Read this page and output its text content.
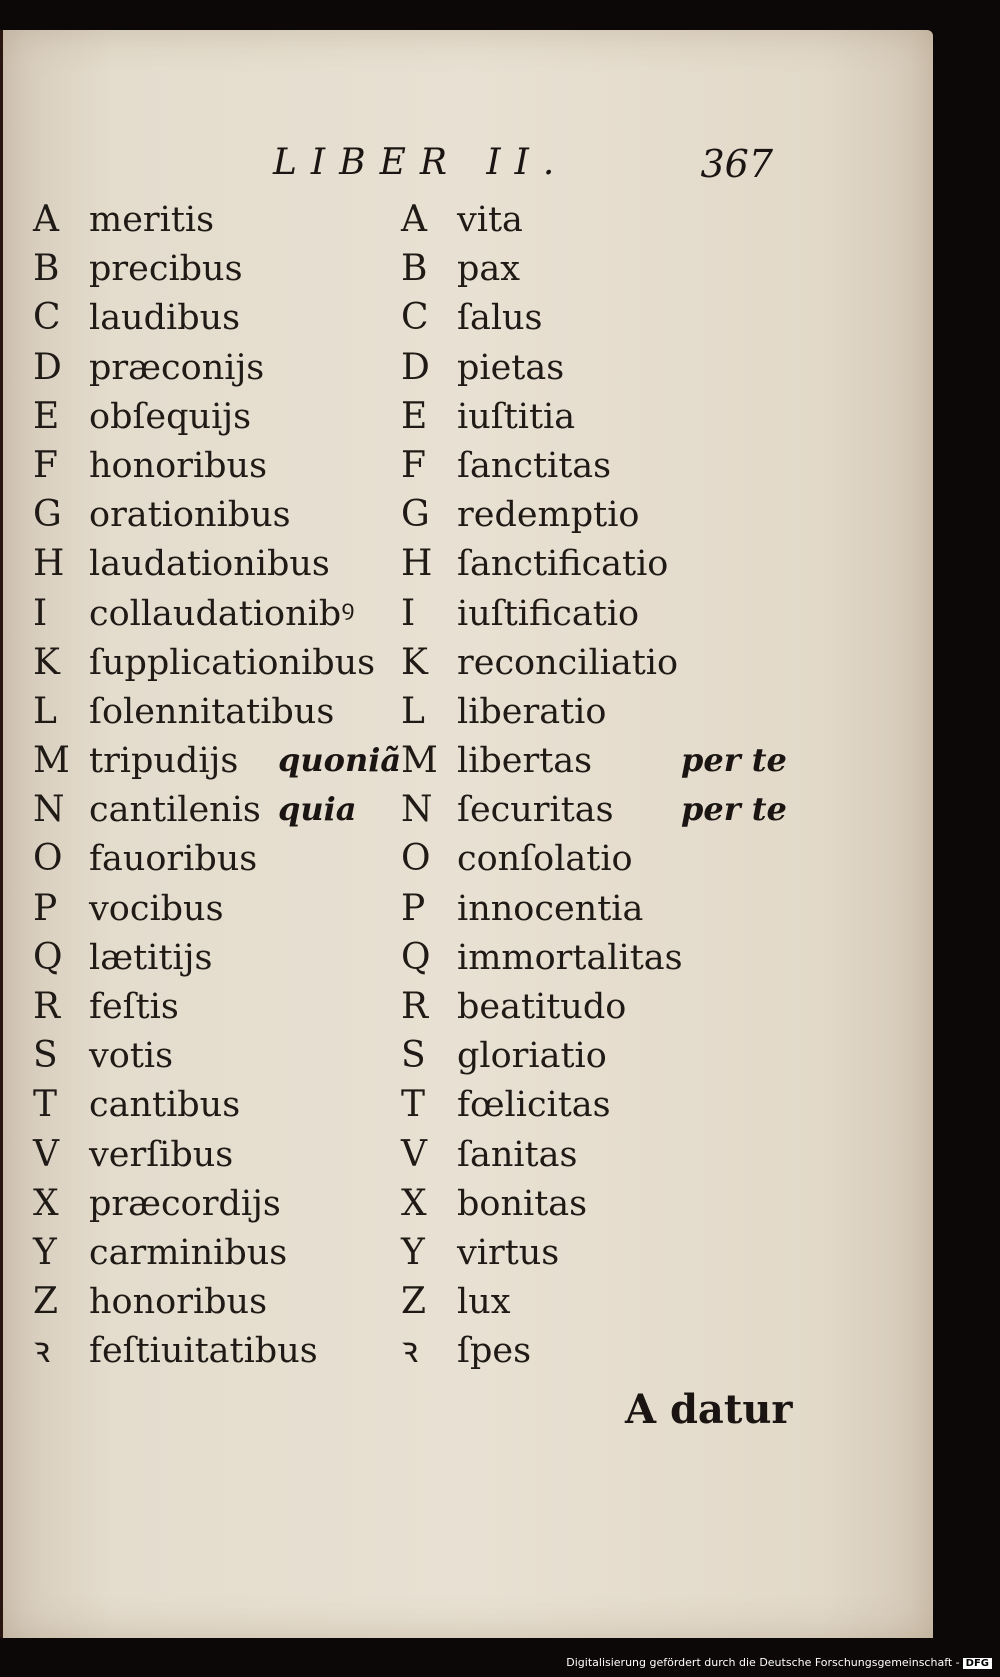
LIBER II.	367
A meritis
B precibus
C laudibus
D præconijs
E obſequijs
F honoribus
G orationibus
H laudationibus
I collaudationibꝰ
K ſupplicationibus
L ſolennitatibus
M tripudijs quoniã
N cantilenis quia
O fauoribus
P vocibus
Q lætitijs
R feſtis
S votis
T cantibus
V verſibus
X præcordijs
Y carminibus
Z honoribus
ꝛ feſtiuitatibus
A vita
B pax
C ſalus
D pietas
E iuſtitia
F ſanctitas
G redemptio
H ſanctificatio
I iuſtificatio
K reconciliatio
L liberatio
M libertas	per te
N ſecuritas per te
O conſolatio
P innocentia
Q immortalitas
R beatitudo
S gloriatio
T fœlicitas
V ſanitas
X bonitas
Y virtus
Z lux
ꝛ ſpes
A datur
Digitalisierung gefördert durch die Deutsche Forschungsgemeinschaft - DFG
